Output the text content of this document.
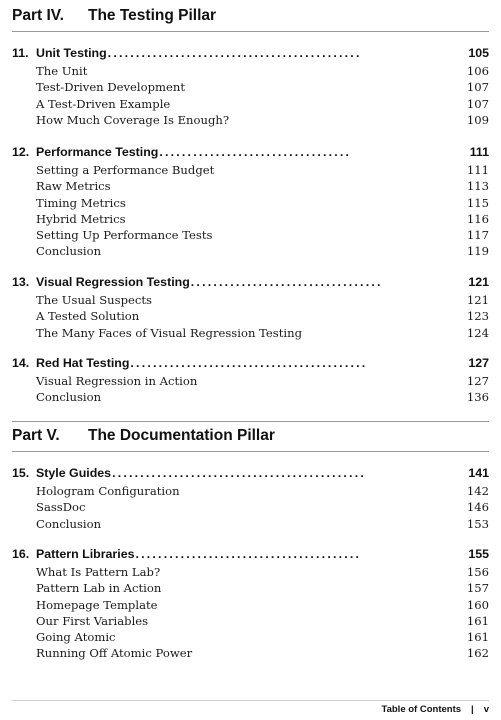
Part IV. The Testing Pillar
11. Unit Testing .............................................	105
The Unit	106
Test-Driven Development	107
A Test-Driven Example	107
How Much Coverage Is Enough?	109
12. Performance Testing ..................................	111
Setting a Performance Budget	111
Raw Metrics	113
Timing Metrics	115
Hybrid Metrics	116
Setting Up Performance Tests	117
Conclusion	119
13. Visual Regression Testing ..................................	121
The Usual Suspects	121
A Tested Solution	123
The Many Faces of Visual Regression Testing	124
14. Red Hat Testing ..........................................	127
Visual Regression in Action	127
Conclusion	136
Part V. The Documentation Pillar
15. Style Guides .............................................	141
Hologram Configuration	142
SassDoc	146
Conclusion	153
16. Pattern Libraries ........................................	155
What Is Pattern Lab?	156
Pattern Lab in Action	157
Homepage Template	160
Our First Variables	161
Going Atomic	161
Running Off Atomic Power	162
Table of Contents | v
